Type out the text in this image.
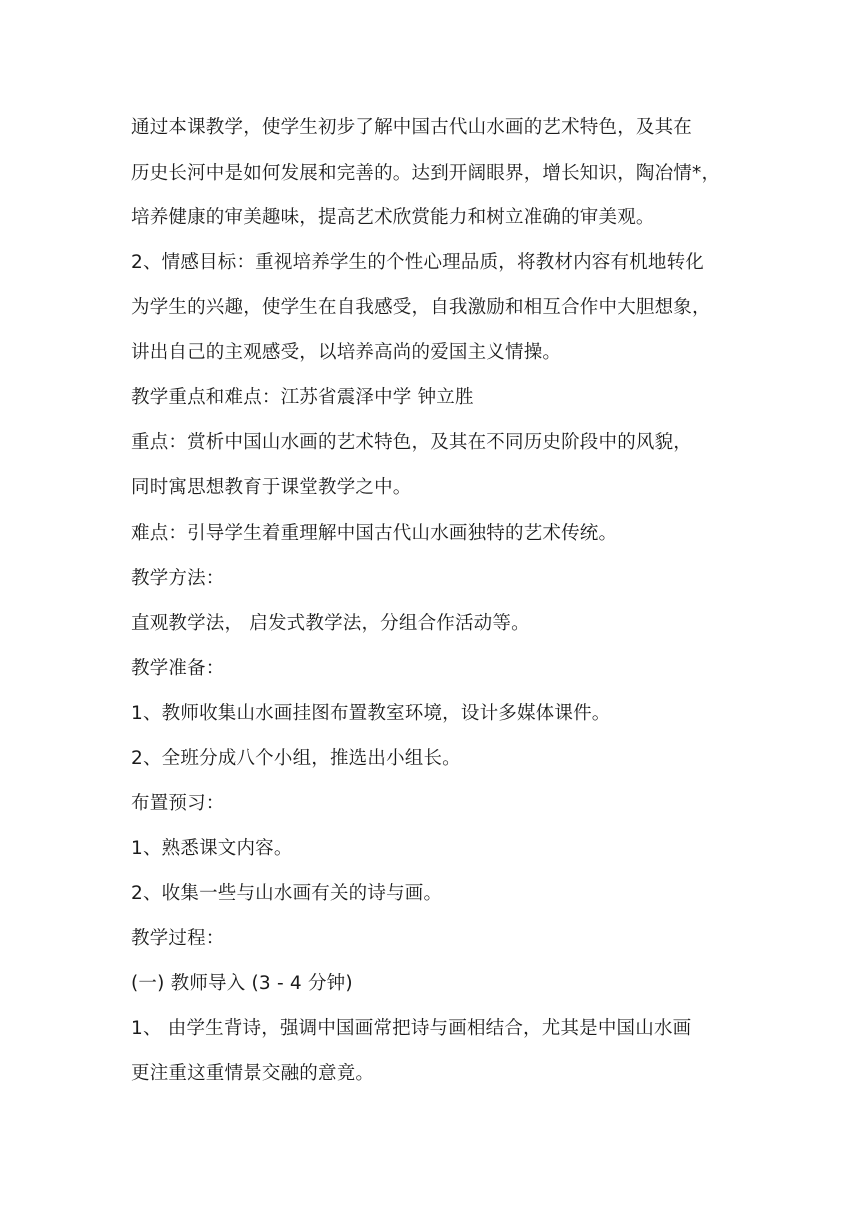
通过本课教学，使学生初步了解中国古代山水画的艺术特色，及其在
历史长河中是如何发展和完善的。达到开阔眼界，增长知识，陶冶情*，
培养健康的审美趣味，提高艺术欣赏能力和树立准确的审美观。
2、情感目标：重视培养学生的个性心理品质，将教材内容有机地转化
为学生的兴趣，使学生在自我感受，自我激励和相互合作中大胆想象，
讲出自己的主观感受，以培养高尚的爱国主义情操。
教学重点和难点：江苏省震泽中学 钟立胜
重点：赏析中国山水画的艺术特色，及其在不同历史阶段中的风貌，
同时寓思想教育于课堂教学之中。
难点：引导学生着重理解中国古代山水画独特的艺术传统。
教学方法：
直观教学法， 启发式教学法，分组合作活动等。
教学准备：
1、教师收集山水画挂图布置教室环境，设计多媒体课件。
2、全班分成八个小组，推选出小组长。
布置预习：
1、熟悉课文内容。
2、收集一些与山水画有关的诗与画。
教学过程：
(一) 教师导入 (3 - 4 分钟)
1、 由学生背诗，强调中国画常把诗与画相结合，尤其是中国山水画
更注重这重情景交融的意竟。
